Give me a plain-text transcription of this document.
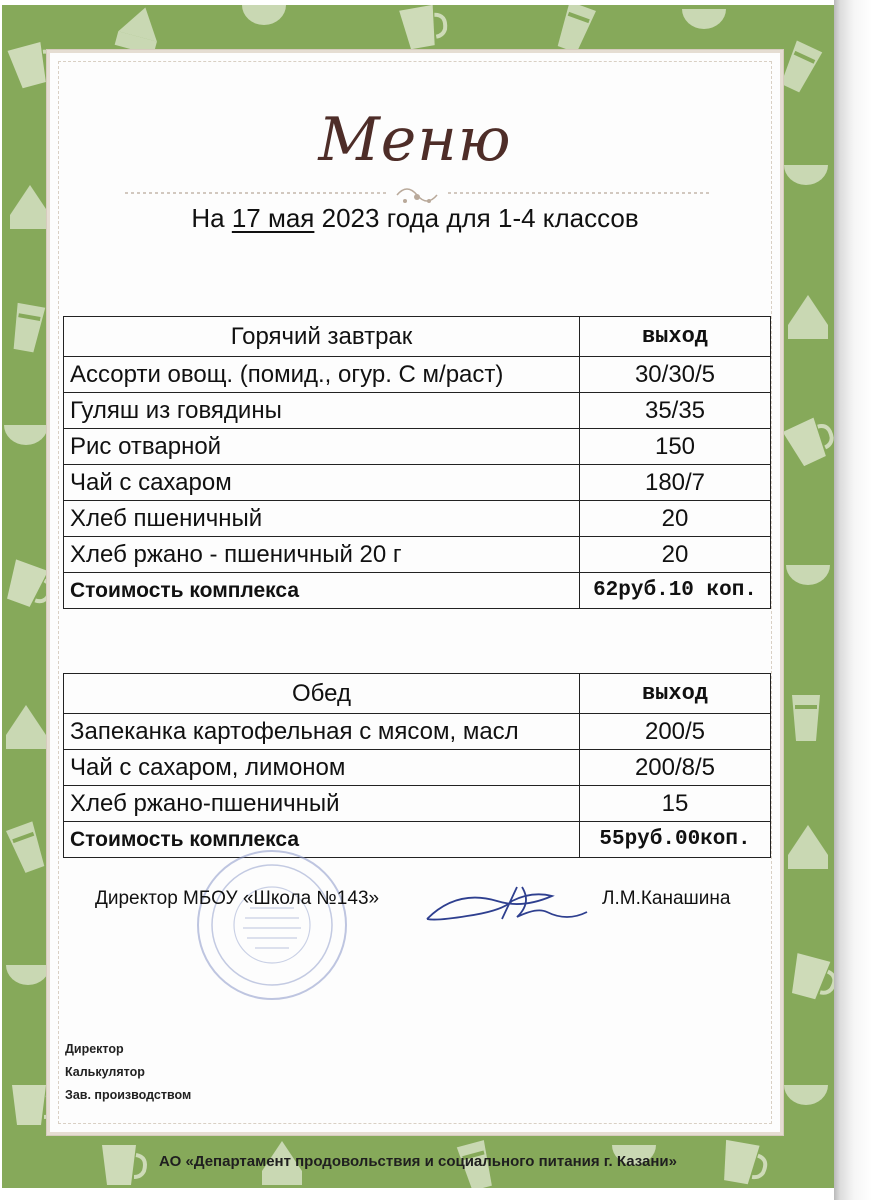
Меню
На 17 мая 2023 года для 1-4 классов
Горячий завтрак	выход
Ассорти овощ. (помид., огур. С м/раст)	30/30/5
Гуляш из говядины	35/35
Рис отварной	150
Чай с сахаром	180/7
Хлеб пшеничный	20
Хлеб ржано - пшеничный 20 г	20
Стоимость комплекса	62руб.10 коп.
Обед	выход
Запеканка картофельная с мясом, масл	200/5
Чай с сахаром, лимоном	200/8/5
Хлеб ржано-пшеничный	15
Стоимость комплекса	55руб.00коп.
Директор МБОУ «Школа №143»	Л.М.Канашина
Директор
Калькулятор
Зав. производством
АО «Департамент продовольствия и социального питания г. Казани»
